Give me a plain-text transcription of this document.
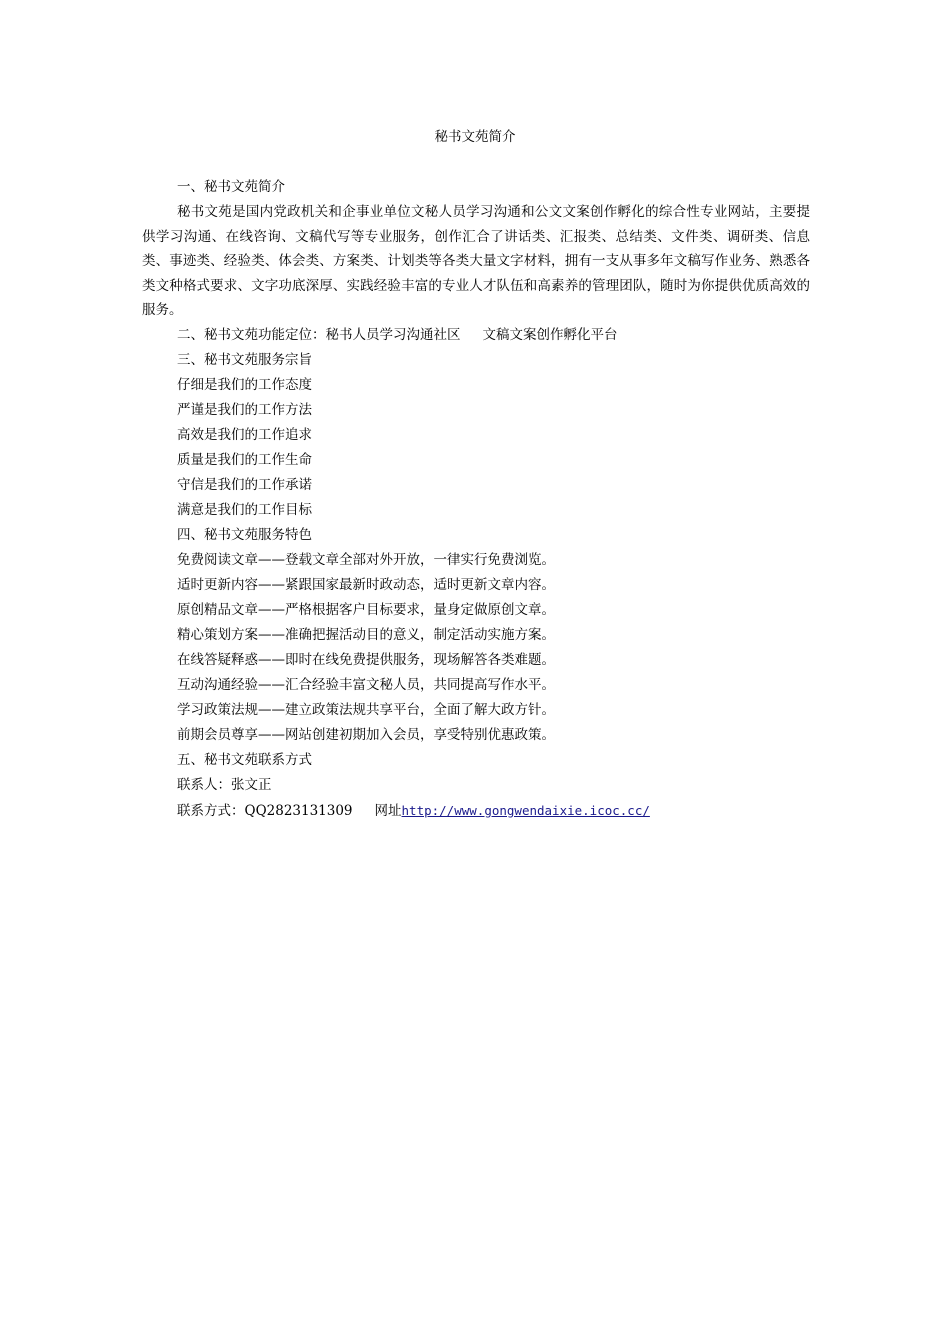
秘书文苑简介
一、秘书文苑简介

秘书文苑是国内党政机关和企事业单位文秘人员学习沟通和公文文案创作孵化的综合性专业网站，主要提供学习沟通、在线咨询、文稿代写等专业服务，创作汇合了讲话类、汇报类、总结类、文件类、调研类、信息类、事迹类、经验类、体会类、方案类、计划类等各类大量文字材料，拥有一支从事多年文稿写作业务、熟悉各类文种格式要求、文字功底深厚、实践经验丰富的专业人才队伍和高素养的管理团队，随时为你提供优质高效的服务。

二、秘书文苑功能定位：秘书人员学习沟通社区 文稿文案创作孵化平台
三、秘书文苑服务宗旨
仔细是我们的工作态度
严谨是我们的工作方法
高效是我们的工作追求
质量是我们的工作生命
守信是我们的工作承诺
满意是我们的工作目标
四、秘书文苑服务特色
免费阅读文章——登载文章全部对外开放，一律实行免费浏览。
适时更新内容——紧跟国家最新时政动态，适时更新文章内容。
原创精品文章——严格根据客户目标要求，量身定做原创文章。
精心策划方案——准确把握活动目的意义，制定活动实施方案。
在线答疑释惑——即时在线免费提供服务，现场解答各类难题。
互动沟通经验——汇合经验丰富文秘人员，共同提高写作水平。
学习政策法规——建立政策法规共享平台，全面了解大政方针。
前期会员尊享——网站创建初期加入会员，享受特别优惠政策。
五、秘书文苑联系方式
联系人：张文正
联系方式：QQ2823131309 网址http://www.gongwendaixie.icoc.cc/
